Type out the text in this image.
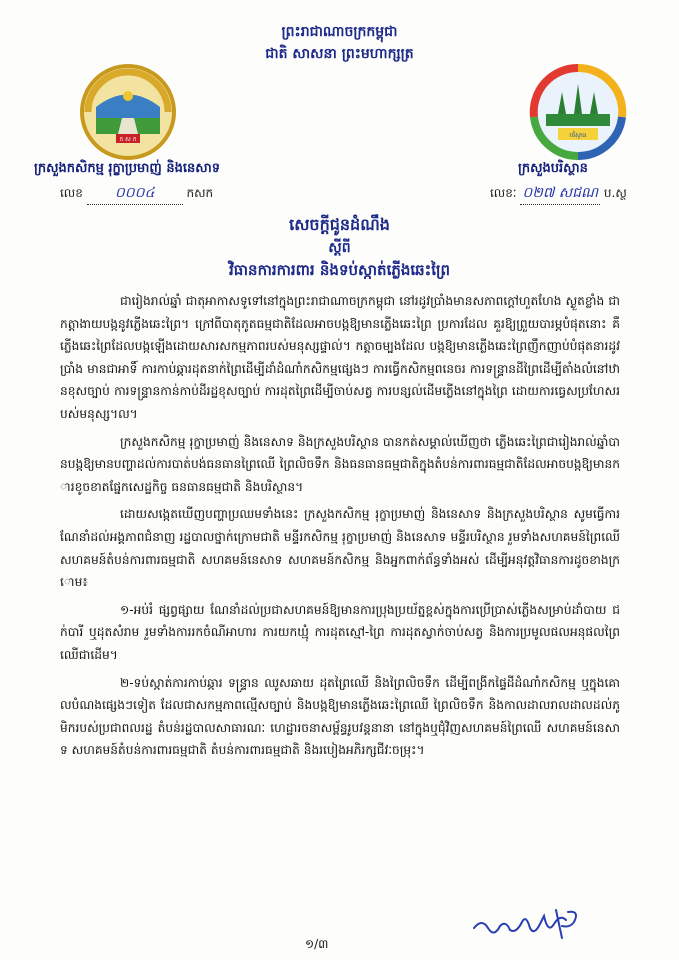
ព្រះរាជាណាចក្រកម្ពុជា
ជាតិ សាសនា ព្រះមហាក្សត្រ
ក ស ក
បរិស្ថាន
ក្រសួងកសិកម្ម រុក្ខាប្រមាញ់ និងនេសាទ	ក្រសួងបរិស្ថាន
លេខ ០០០៤	កសក	លេខៈ ០២៧ សជណ ប.ស្ថ
សេចក្តីជូនដំណឹង
ស្តីពី
វិធានការការពារ និងទប់ស្កាត់ភ្លើងឆេះព្រៃ

ជារៀងរាល់ឆ្នាំ ជាតុអាកាសទូទៅនៅក្នុងព្រះរាជាណាចក្រកម្ពុជា នៅរដូវប្រាំងមានសភាពក្តៅហួតហែង ស្ងួតខ្លាំង ជាកត្តាងាយបង្កនូវភ្លើងឆេះព្រៃ។ ក្រៅពីបាតុភូតធម្មជាតិដែលអាចបង្កឱ្យមានភ្លើងឆេះព្រៃ ប្រការដែល គួរឱ្យព្រួយបារម្ភបំផុតនោះ គឺភ្លើងឆេះព្រៃដែលបង្កឡើងដោយសារសកម្មភាពរបស់មនុស្សផ្ទាល់។ កត្តាចម្បងដែល បង្កឱ្យមានភ្លើងឆេះព្រៃញឹកញាប់បំផុតនារដូវប្រាំង មានជាអាទិ៍ ការកាប់ឆ្ការដុតនាក់ព្រៃដើម្បីដាំដំណាំកសិកម្មផ្សេងៗ ការធ្វើកសិកម្មពនេចរ ការទន្ទ្រានដីព្រៃដើម្បីតាំងលំនៅឋានខុសច្បាប់ ការទន្ទ្រានកាន់កាប់ដីរដ្ឋខុសច្បាប់ ការដុតព្រៃដើម្បីចាប់សត្វ ការបន្សល់ដើមភ្លើងនៅក្នុងព្រៃ ដោយការធ្វេសប្រហែសរបស់មនុស្ស។ល។

ក្រសួងកសិកម្ម រុក្ខាប្រមាញ់ និងនេសាទ និងក្រសួងបរិស្ថាន បានកត់សម្គាល់ឃើញថា ភ្លើងឆេះព្រៃជារៀងរាល់ឆ្នាំបានបង្កឱ្យមានបញ្ហាដល់ការបាត់បង់ធនធានព្រៃឈើ ព្រៃលិចទឹក និងធនធានធម្មជាតិក្នុងតំបន់ការពារធម្មជាតិដែលអាចបង្កឱ្យមានការខូចខាតផ្នែកសេដ្ឋកិច្ច ធនធានធម្មជាតិ និងបរិស្ថាន។

ដោយសង្កេតឃើញបញ្ហាប្រឈមទាំងនេះ ក្រសួងកសិកម្ម រុក្ខាប្រមាញ់ និងនេសាទ និងក្រសួងបរិស្ថាន សូមធ្វើការណែនាំដល់អង្គភាពជំនាញ រដ្ឋបាលថ្នាក់ក្រោមជាតិ មន្ទីរកសិកម្ម រុក្ខាប្រមាញ់ និងនេសាទ មន្ទីរបរិស្ថាន រួមទាំងសហគមន៍ព្រៃឈើ សហគមន៍តំបន់ការពារធម្មជាតិ សហគមន៍នេសាទ សហគមន៍កសិកម្ម និងអ្នកពាក់ព័ន្ធទាំងអស់ ដើម្បីអនុវត្តវិធានការដូចខាងក្រោម៖

១-អប់រំ ផ្សព្វផ្សាយ ណែនាំដល់ប្រជាសហគមន៍ឱ្យមានការប្រុងប្រយ័ត្នខ្ពស់ក្នុងការប្រើប្រាស់ភ្លើងសម្រាប់ដាំបាយ ជក់បារី ឬដុតសំរាម រួមទាំងការរកចំណីអាហារ ការយកឃ្មុំ ការដុតស្មៅ-ព្រៃ ការដុតស្វាក់ចាប់សត្វ និងការប្រមូលផលអនុផលព្រៃឈើជាដើម។

២-ទប់ស្កាត់ការកាប់ឆ្ការ ទន្ទ្រាន ឈូសឆាយ ដុតព្រៃឈើ និងព្រៃលិចទឹក ដើម្បីពង្រីកផ្ទៃដីដំណាំកសិកម្ម ឬក្នុងគោលបំណងផ្សេងៗទៀត ដែលជាសកម្មភាពល្មើសច្បាប់ និងបង្កឱ្យមានភ្លើងឆេះព្រៃឈើ ព្រៃលិចទឹក និងកាលដាលរាលដាលដល់ភូមិករបស់ប្រជាពលរដ្ឋ តំបន់រដ្ឋបាលសាធារណៈ ហេដ្ឋារចនាសម្ព័ន្ធរូបវន្តនានា នៅក្នុងឬជុំវិញសហគមន៍ព្រៃឈើ សហគមន៍នេសាទ សហគមន៍តំបន់ការពារធម្មជាតិ តំបន់ការពារធម្មជាតិ និងរបៀងអភិរក្សជីវៈចម្រុះ។

១/៣
